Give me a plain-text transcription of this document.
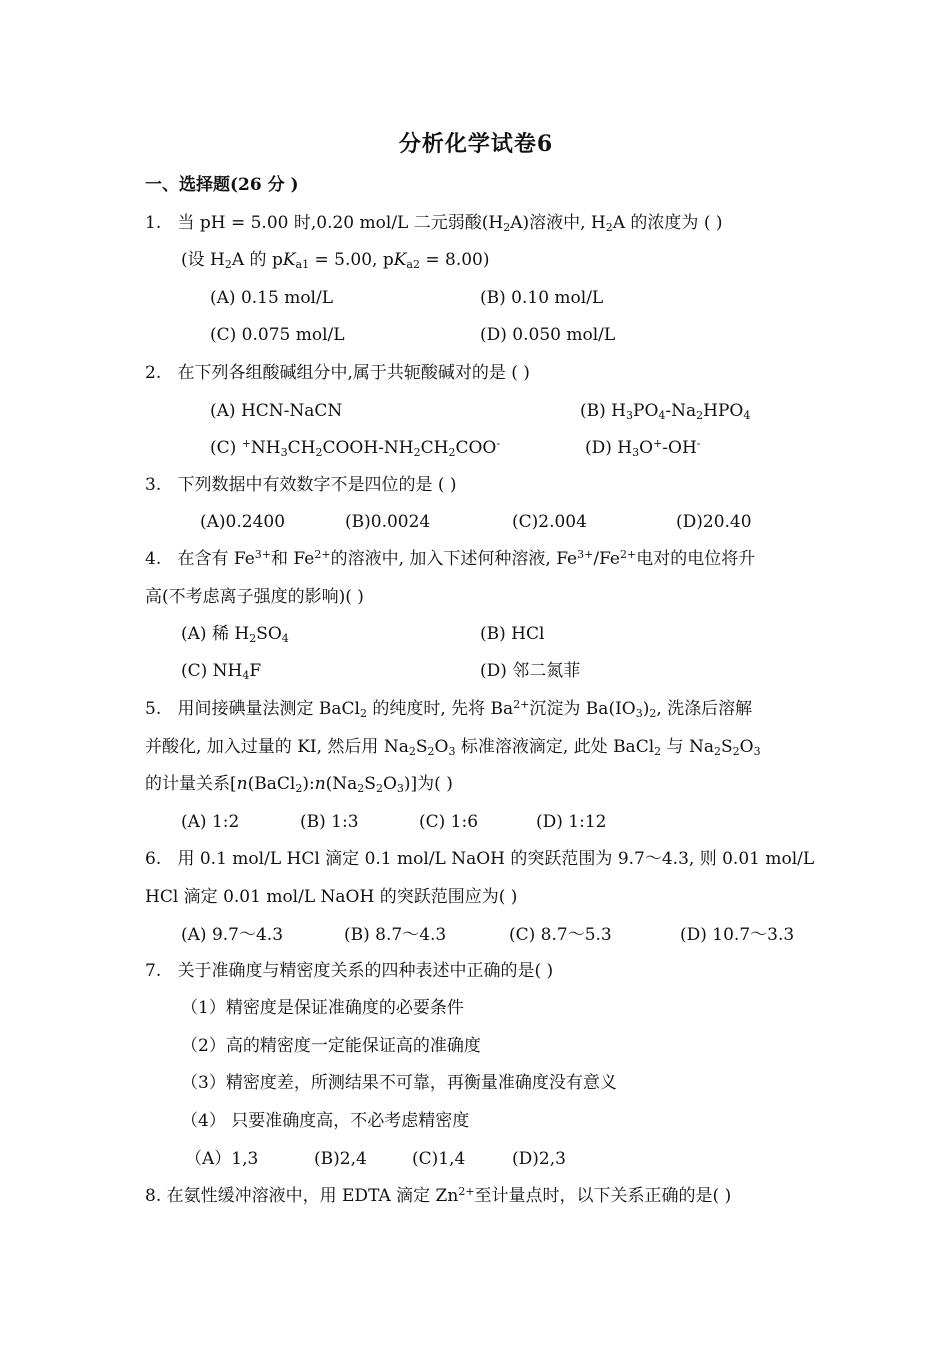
分析化学试卷6
一、选择题(26 分 )
1. 当 pH = 5.00 时,0.20 mol/L 二元弱酸$(H_2A)$溶液中, $H_2A$ 的浓度为 ( )
(设 $H_2A$ 的 $pK_{a1} = 5.00$, $pK_{a2} = 8.00$)
(A) 0.15 mol/L	(B) 0.10 mol/L
(C) 0.075 mol/L	(D) 0.050 mol/L
2. 在下列各组酸碱组分中,属于共轭酸碱对的是 ( )
(A) HCN-NaCN	(B) $H_3PO_4-Na_2HPO_4$
(C) $^+NH_3CH_2COOH-NH_2CH_2COO^-$	(D) $H_3O^+-OH^-$
3. 下列数据中有效数字不是四位的是 ( )
(A)0.2400	(B)0.0024	(C)2.004	(D)20.40
4. 在含有 $Fe^{3+}$和 $Fe^{2+}$的溶液中, 加入下述何种溶液, $Fe^{3+}/Fe^{2+}$电对的电位将升
高(不考虑离子强度的影响)( )
(A) 稀 $H_2SO_4$	(B) HCl
(C) $NH_4F$	(D) 邻二氮菲
5. 用间接碘量法测定 BaCl$_2$ 的纯度时, 先将 $Ba^{2+}$沉淀为 $Ba(IO_3)_2$, 洗涤后溶解
并酸化, 加入过量的 KI, 然后用 $Na_2S_2O_3$ 标准溶液滴定, 此处 BaCl$_2$ 与 $Na_2S_2O_3$
的计量关系$[n(BaCl_2):n(Na_2S_2O_3)]$为( )
(A) 1:2	(B) 1:3	(C) 1:6	(D) 1:12
6. 用 0.1 mol/L HCl 滴定 0.1 mol/L NaOH 的突跃范围为 9.7～4.3, 则 0.01 mol/L
HCl 滴定 0.01 mol/L NaOH 的突跃范围应为( )
(A) 9.7～4.3	(B) 8.7～4.3	(C) 8.7～5.3	(D) 10.7～3.3
7. 关于准确度与精密度关系的四种表述中正确的是( )
（1）精密度是保证准确度的必要条件
（2）高的精密度一定能保证高的准确度
（3）精密度差，所测结果不可靠，再衡量准确度没有意义
（4） 只要准确度高，不必考虑精密度
（A）1,3	(B)2,4	(C)1,4	(D)2,3
8. 在氨性缓冲溶液中，用 EDTA 滴定 $Zn^{2+}$至计量点时，以下关系正确的是( )
